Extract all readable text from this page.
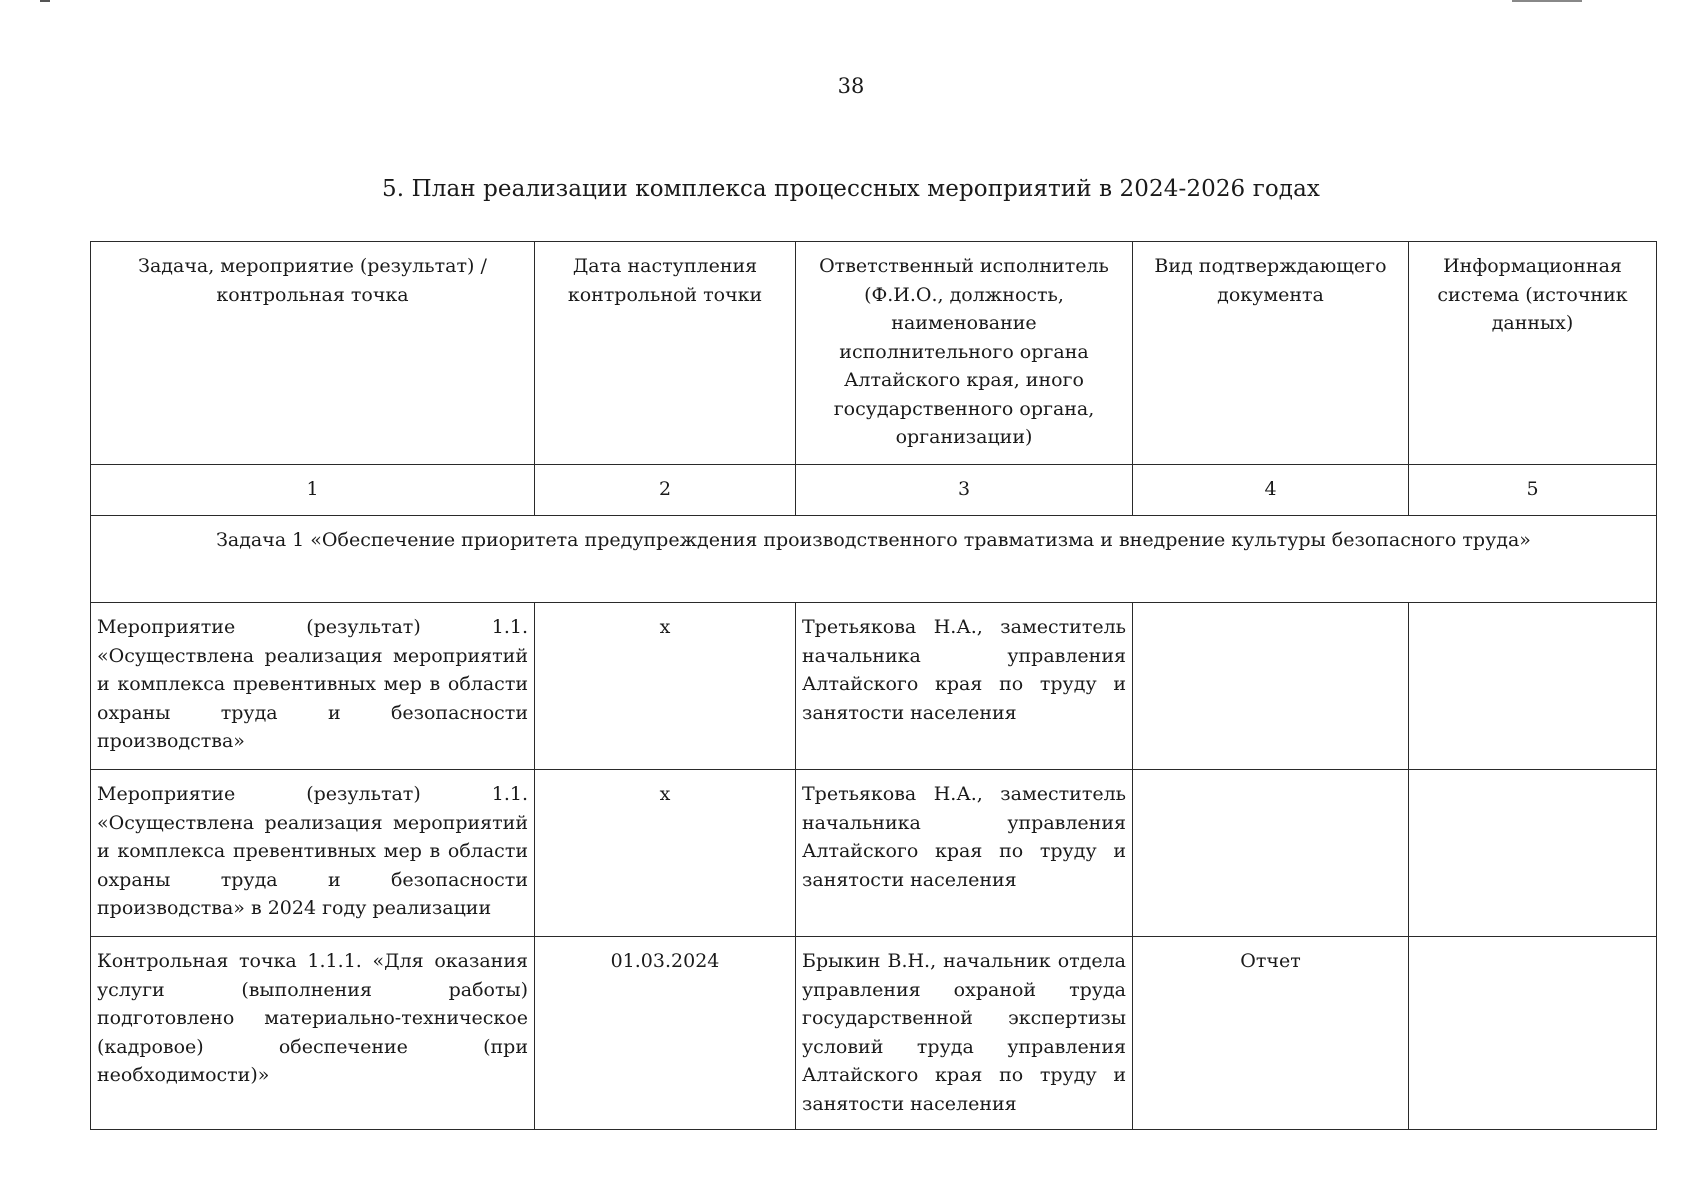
38
5. План реализации комплекса процессных мероприятий в 2024-2026 годах
Задача, мероприятие (результат) / контрольная точка	Дата наступления контрольной точки	Ответственный исполнитель (Ф.И.О., должность, наименование исполнительного органа Алтайского края, иного государственного органа, организации)	Вид подтверждающего документа	Информационная система (источник данных)
1	2	3	4	5
Задача 1 «Обеспечение приоритета предупреждения производственного травматизма и внедрение культуры безопасного труда»				
Мероприятие (результат) 1.1. «Осуществлена реализация мероприятий и комплекса превентивных мер в области охраны труда и безопасности производства»	x	Третьякова Н.А., заместитель начальника управления Алтайского края по труду и занятости населения		
Мероприятие (результат) 1.1. «Осуществлена реализация мероприятий и комплекса превентивных мер в области охраны труда и безопасности производства» в 2024 году реализации	x	Третьякова Н.А., заместитель начальника управления Алтайского края по труду и занятости населения		
Контрольная точка 1.1.1. «Для оказания услуги (выполнения работы) подготовлено материально-техническое (кадровое) обеспечение (при необходимости)»	01.03.2024	Брыкин В.Н., начальник отдела управления охраной труда государственной экспертизы условий труда управления Алтайского края по труду и занятости населения	Отчет	
